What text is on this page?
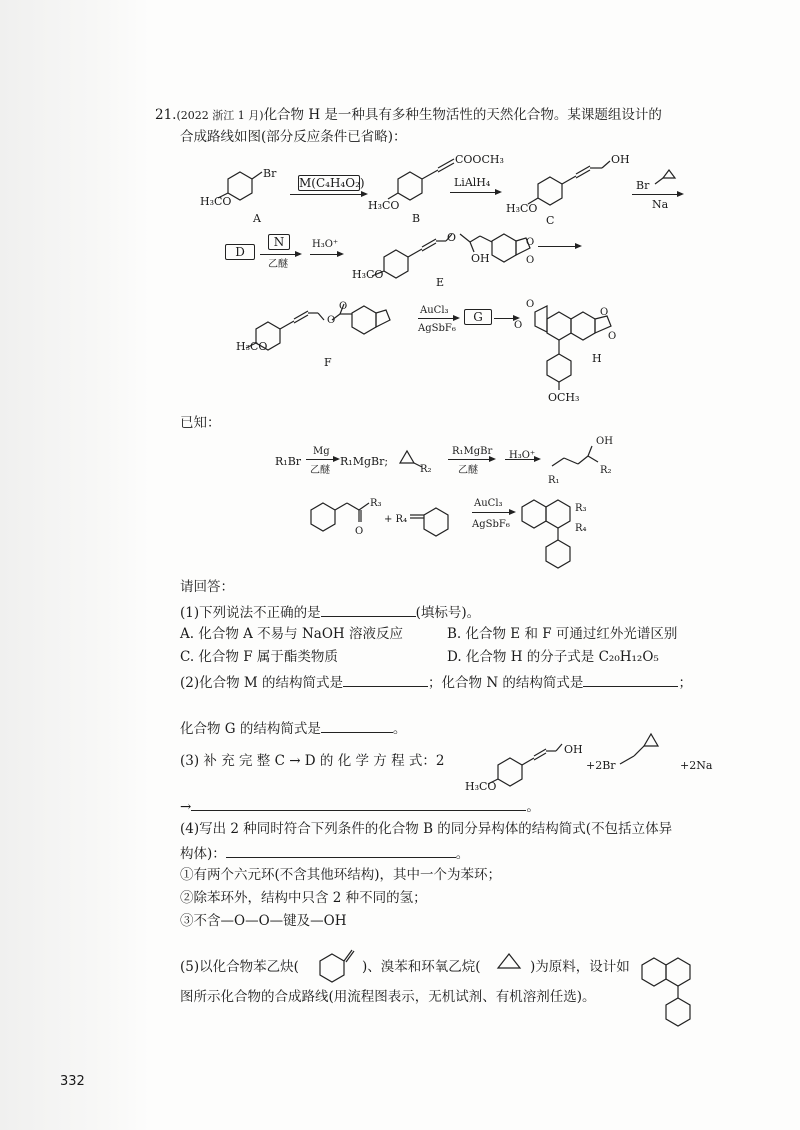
21.(2022 浙江 1 月)化合物 H 是一种具有多种生物活性的天然化合物。某课题组设计的
合成路线如图(部分反应条件已省略)：
Br
H₃CO
A
M(C₄H₄O₂)
COOCH₃
H₃CO
B
LiAlH₄
OH
H₃CO
C
Br
Na
D
N
乙醚
H₃O⁺
O
OH
O
O
H₃CO
E
O
O
H₃CO
F
AuCl₃
AgSbF₆
G
O
O
O
O
H
OCH₃
已知：
R₁Br
Mg
乙醚
R₁MgBr;
R₂
R₁MgBr
乙醚
H₃O⁺
OH
R₁
R₂
R₃
O
+ R₄
AuCl₃
AgSbF₆
R₃
R₄
请回答：
(1)下列说法不正确的是	(填标号)。
A. 化合物 A 不易与 NaOH 溶液反应	B. 化合物 E 和 F 可通过红外光谱区别
C. 化合物 F 属于酯类物质	D. 化合物 H 的分子式是 C₂₀H₁₂O₅
(2)化合物 M 的结构简式是	；化合物 N 的结构简式是	；
化合物 G 的结构简式是	。
(3) 补 充 完 整 C → D 的 化 学 方 程 式：2
OH
H₃CO
+2Br	+2Na
→	。
(4)写出 2 种同时符合下列条件的化合物 B 的同分异构体的结构简式(不包括立体异
构体)：	。
①有两个六元环(不含其他环结构)，其中一个为苯环；
②除苯环外，结构中只含 2 种不同的氢；
③不含—O—O—键及—OH
(5)以化合物苯乙炔(	)、溴苯和环氧乙烷(	)为原料，设计如
图所示化合物的合成路线(用流程图表示，无机试剂、有机溶剂任选)。
332
